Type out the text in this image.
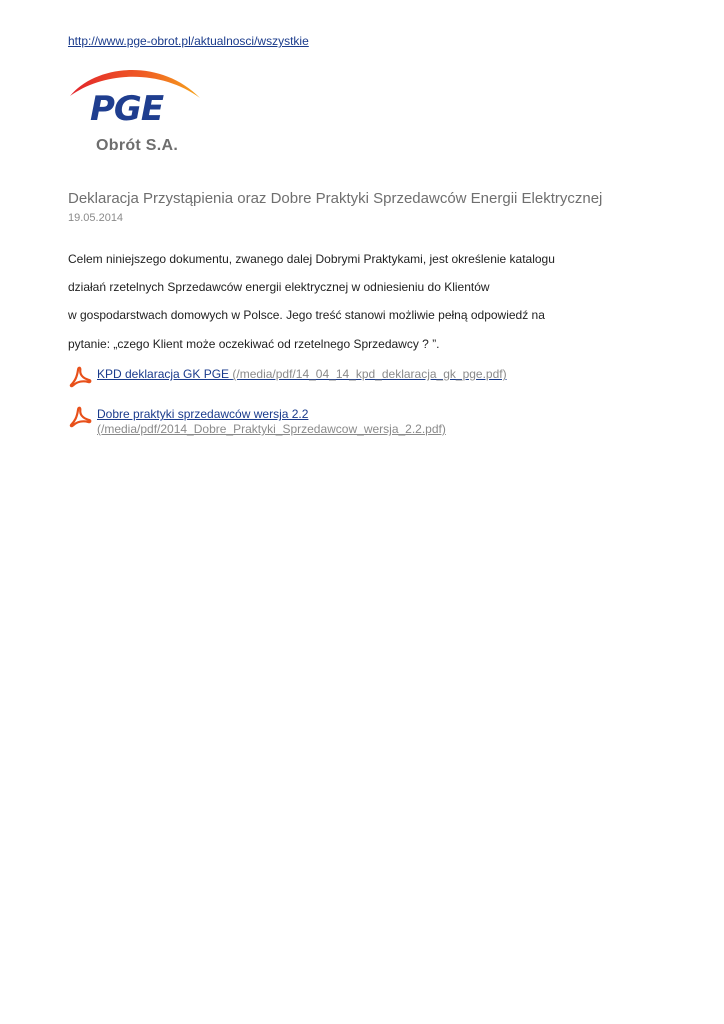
http://www.pge-obrot.pl/aktualnosci/wszystkie
PGE
Obrót S.A.
Deklaracja Przystąpienia oraz Dobre Praktyki Sprzedawców Energii Elektrycznej
19.05.2014
Celem niniejszego dokumentu, zwanego dalej Dobrymi Praktykami, jest określenie katalogu
działań rzetelnych Sprzedawców energii elektrycznej w odniesieniu do Klientów
w gospodarstwach domowych w Polsce. Jego treść stanowi możliwie pełną odpowiedź na
pytanie: „czego Klient może oczekiwać od rzetelnego Sprzedawcy ? ”.
KPD deklaracja GK PGE (/media/pdf/14_04_14_kpd_deklaracja_gk_pge.pdf)
Dobre praktyki sprzedawców wersja 2.2
(/media/pdf/2014_Dobre_Praktyki_Sprzedawcow_wersja_2.2.pdf)
